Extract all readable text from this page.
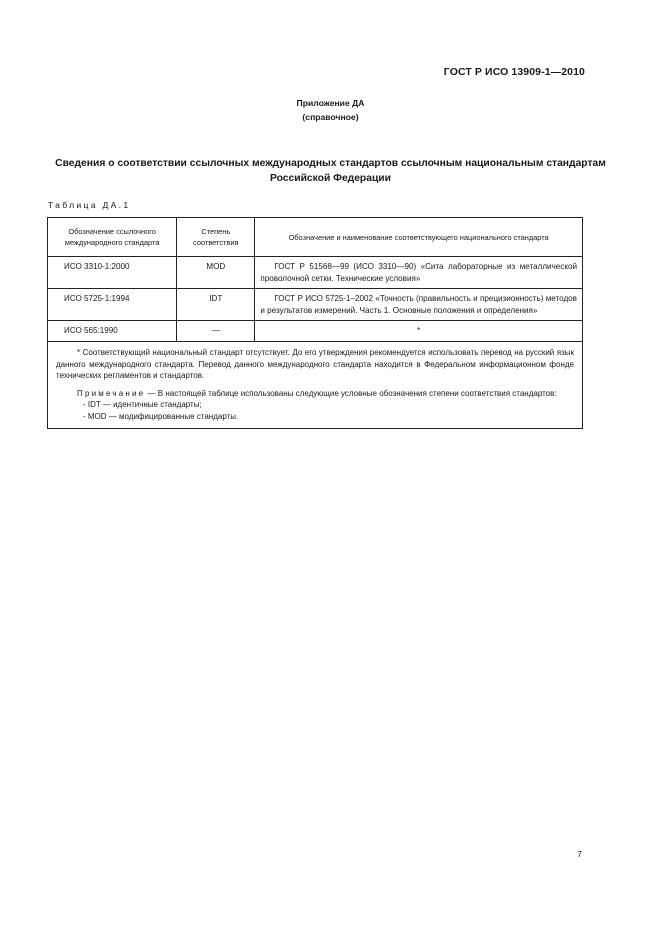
ГОСТ Р ИСО 13909-1—2010
Приложение ДА
(справочное)
Сведения о соответствии ссылочных международных стандартов ссылочным национальным стандартам Российской Федерации
Таблица ДА.1
Обозначение ссылочного международного стандарта	Степень соответствия	Обозначение и наименование соответствующего национального стандарта
ИСО 3310-1:2000	MOD	ГОСТ Р 51568—99 (ИСО 3310—90) «Сита лабораторные из металлической проволочной сетки. Технические условия»

ИСО 5725-1:1994	IDT	ГОСТ Р ИСО 5725-1–2002 «Точность (правильность и прецизионность) методов и результатов измерений. Часть 1. Основные положения и определения»

ИСО 565:1990	—	*

* Соответствующий национальный стандарт отсутствует. До его утверждения рекомендуется использовать перевод на русский язык данного международного стандарта. Перевод данного международного стандарта находится в Федеральном информационном фонде технических регламентов и стандартов.

Примечание — В настоящей таблице использованы следующие условные обозначения степени соответствия стандартов:

- IDT — идентичные стандарты;

- MOD — модифицированные стандарты.		

7
